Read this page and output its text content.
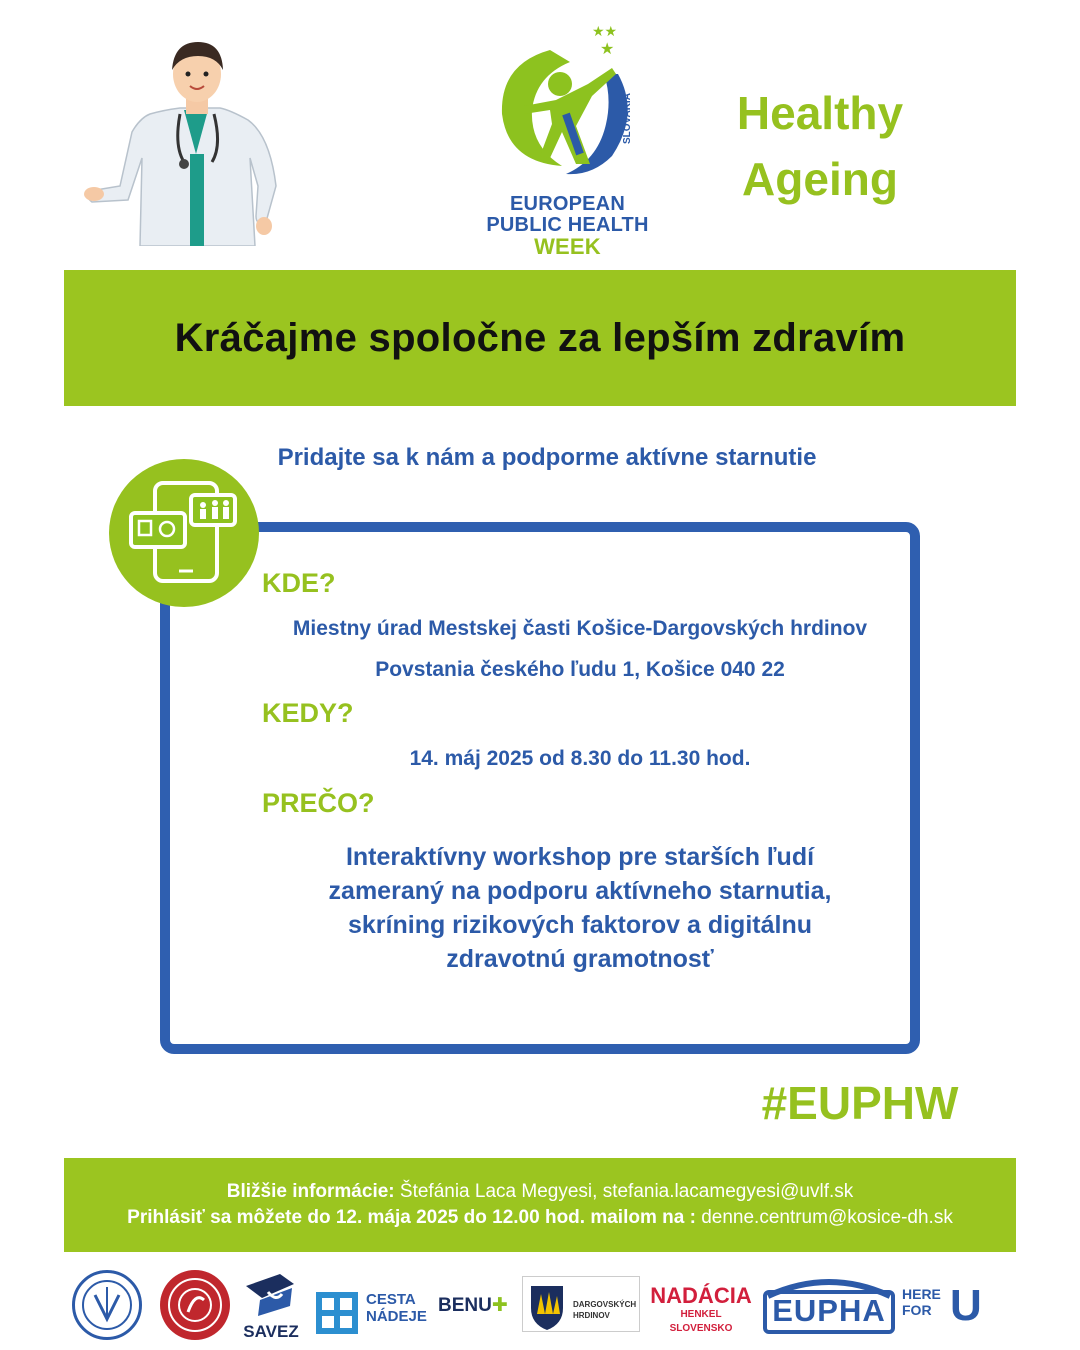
★★
★
SLOVAKIA
EUROPEAN
PUBLIC HEALTH
WEEK
Healthy
Ageing
Kráčajme spoločne za lepším zdravím
Pridajte sa k nám a podporme aktívne starnutie
KDE?
Miestny úrad Mestskej časti Košice-Dargovských hrdinov
Povstania českého ľudu 1, Košice 040 22
KEDY?
14. máj 2025 od 8.30 do 11.30 hod.
PREČO?
Interaktívny workshop pre starších ľudí
zameraný na podporu aktívneho starnutia,
skríning rizikových faktorov a digitálnu
zdravotnú gramotnosť
#EUPHW

Bližšie informácie: Štefánia Laca Megyesi, stefania.lacamegyesi@uvlf.sk

Prihlásiť sa môžete do 12. mája 2025 do 12.00 hod. mailom na : denne.centrum@kosice-dh.sk

SAVEZ
CESTA
NÁDEJE
BENU✚	DARGOVSKÝCH
HRDINOV
NADÁCIA
HENKEL SLOVENSKO
EUPHA	HERE
FOR U
